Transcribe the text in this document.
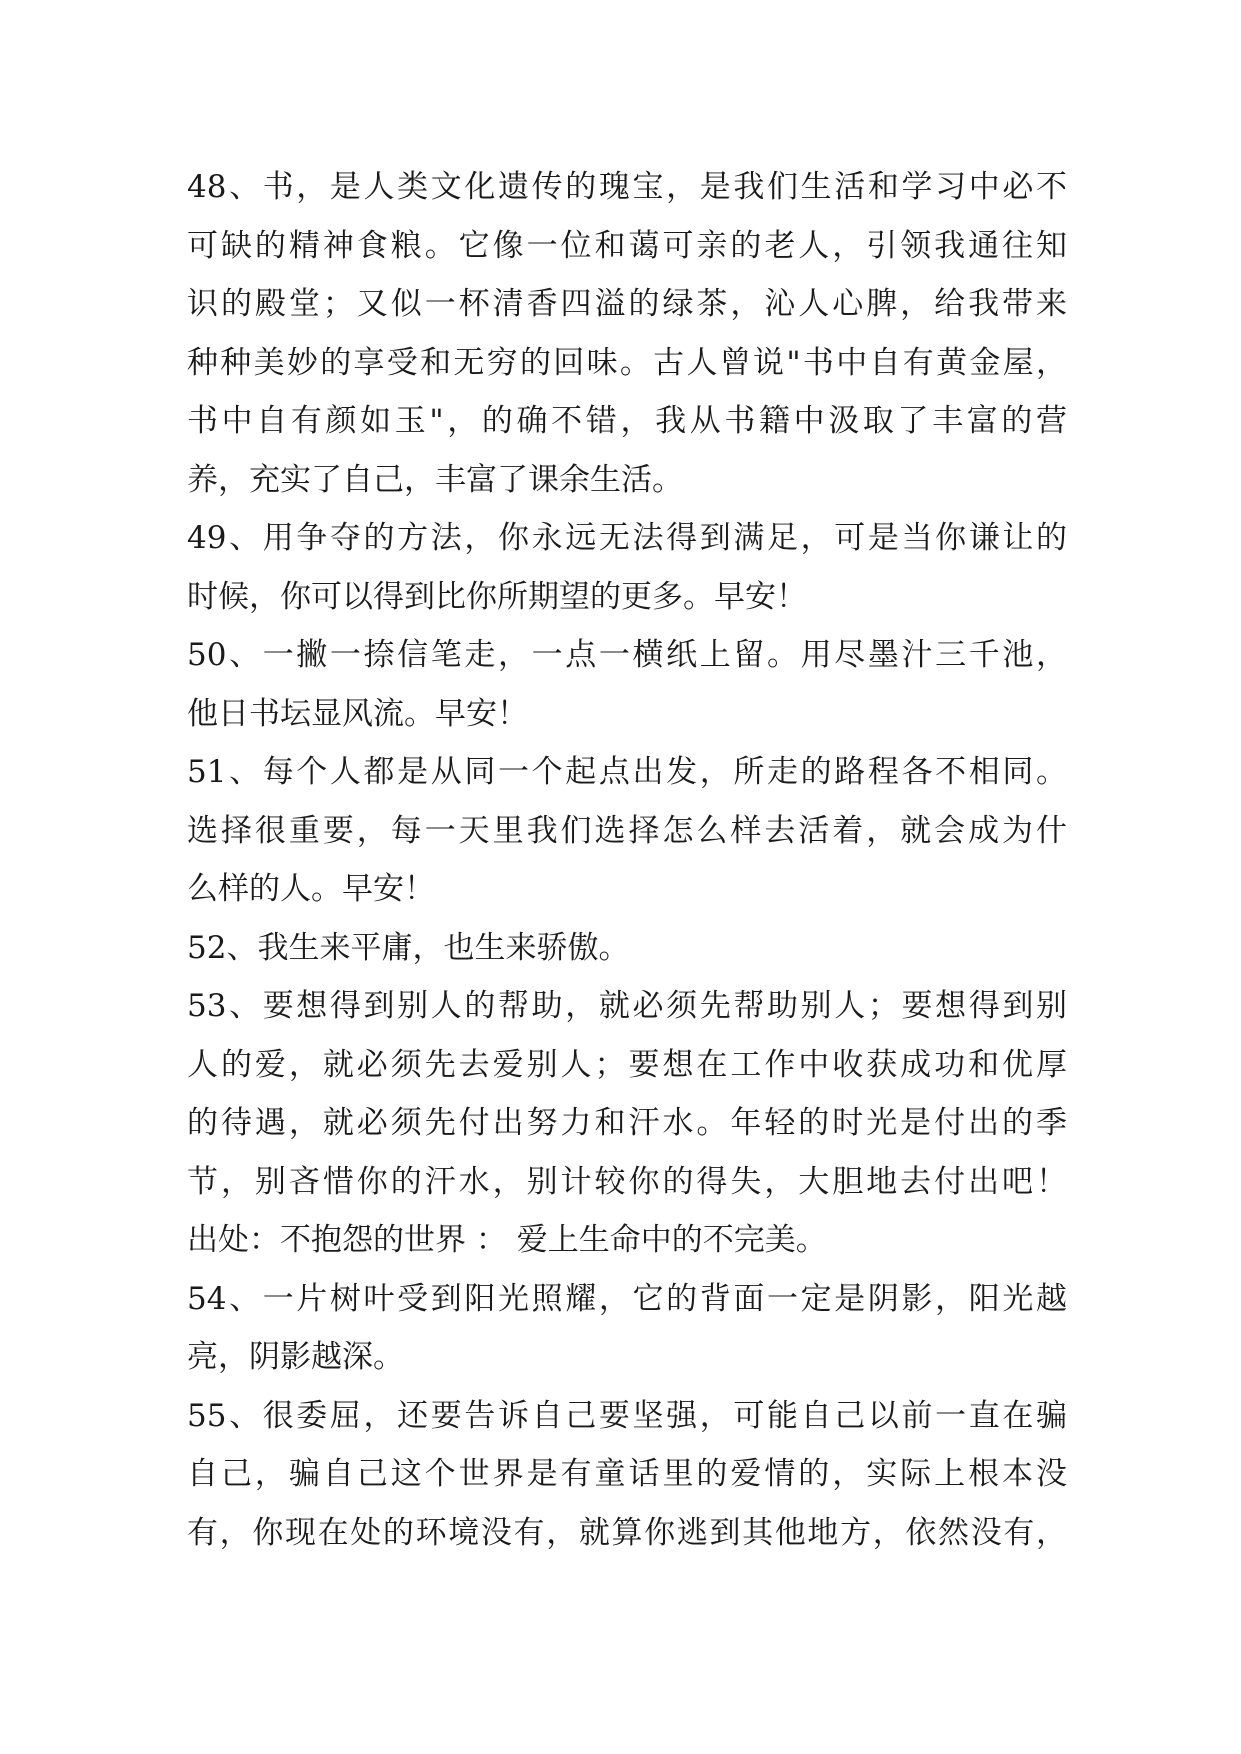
48、书，是人类文化遗传的瑰宝，是我们生活和学习中必不
可缺的精神食粮。它像一位和蔼可亲的老人，引领我通往知
识的殿堂；又似一杯清香四溢的绿茶，沁人心脾，给我带来
种种美妙的享受和无穷的回味。古人曾说"书中自有黄金屋，
书中自有颜如玉"，的确不错，我从书籍中汲取了丰富的营
养，充实了自己，丰富了课余生活。
49、用争夺的方法，你永远无法得到满足，可是当你谦让的
时候，你可以得到比你所期望的更多。早安！
50、一撇一捺信笔走，一点一横纸上留。用尽墨汁三千池，
他日书坛显风流。早安！
51、每个人都是从同一个起点出发，所走的路程各不相同。
选择很重要，每一天里我们选择怎么样去活着，就会成为什
么样的人。早安！
52、我生来平庸，也生来骄傲。
53、要想得到别人的帮助，就必须先帮助别人；要想得到别
人的爱，就必须先去爱别人；要想在工作中收获成功和优厚
的待遇，就必须先付出努力和汗水。年轻的时光是付出的季
节，别吝惜你的汗水，别计较你的得失，大胆地去付出吧！
出处：不抱怨的世界 ： 爱上生命中的不完美。
54、一片树叶受到阳光照耀，它的背面一定是阴影，阳光越
亮，阴影越深。
55、很委屈，还要告诉自己要坚强，可能自己以前一直在骗
自己，骗自己这个世界是有童话里的爱情的，实际上根本没
有，你现在处的环境没有，就算你逃到其他地方，依然没有，
